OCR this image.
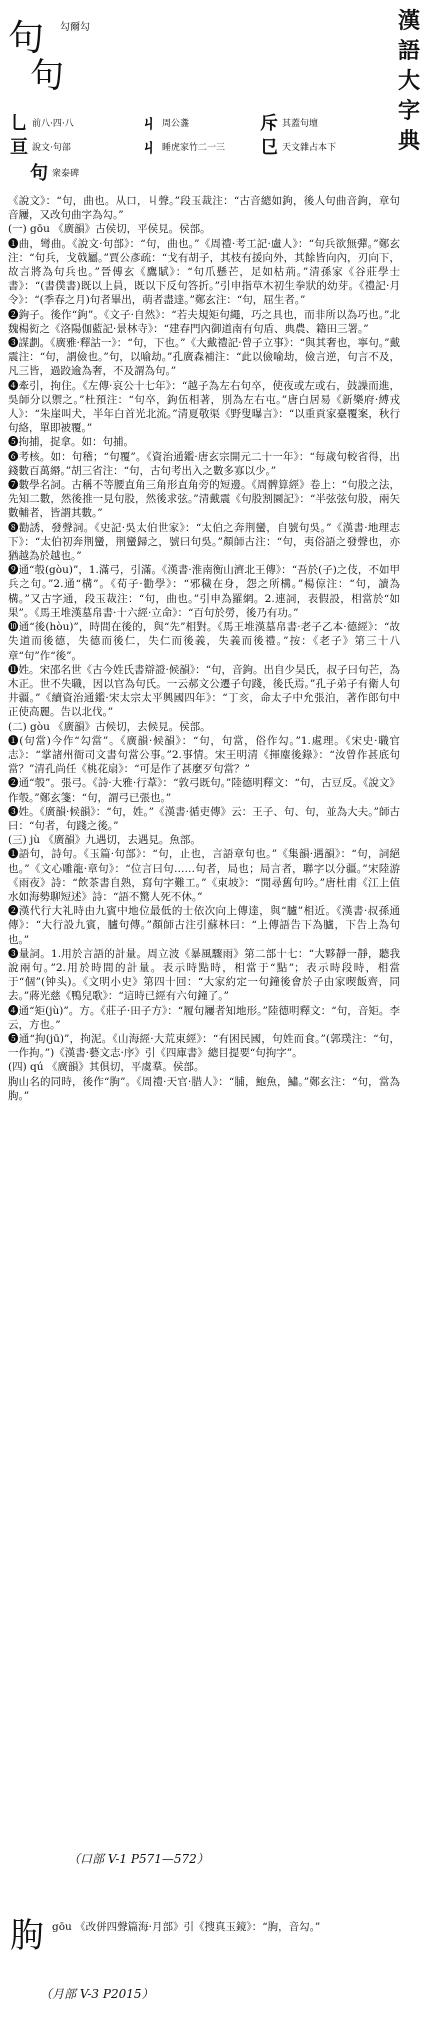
漢語大字典
句
句
勾爾勾
乚前八·四·八	ㄐ周公盞	斥其蓋句壇
亘說文·句部	ㄐ睡虎家竹二一三 㔾天文雜占本下
句衆泰碑

《說文》：“句，曲也。从口，丩聲。”段玉裁注：“古音總如鉤，後人句曲音鉤，章句音屨，又改句曲字為勾。”

(一) gōu 《廣韻》古侯切，平侯見。侯部。

❶曲，彎曲。《說文·句部》：“句，曲也。”《周禮·考工記·盧人》：“句兵欲無彈。”鄭玄注：“句兵，戈戟屬。”賈公彥疏：“戈有胡子，其枝有援向外，其餘皆向內，刃向下，故言將為句兵也。”晉傅玄《鷹賦》：“句爪懸芒，足如枯荊。”清孫家《谷莊學士書》：“(書僕書)既以上員，既以下反句答折。”引申指草木初生拳狀的幼芽。《禮記·月令》：“(季春之月)句者畢出，萌者盡達。”鄭玄注：“句，屈生者。”

❷鉤子。後作“鉤”。《文子·自然》：“若夫規矩句繩，巧之具也，而非所以為巧也。”北魏楊衒之《洛陽伽藍記·景林寺》：“建春門內御道南有句盾、典農、籍田三署。”

❸謀劃。《廣雅·釋詁一》：“句，下也。”《大戴禮記·曾子立事》：“與其奢也，寧句。”戴震注：“句，謂儉也。”句，以喻劫。”孔廣森補注：“此以儉喻劫，儉言逆，句言不及，凡三皆，過跤逾為奢，不及謂為句。”

❹牽引，拘住。《左傳·哀公十七年》：“越子為左右句卒，使夜或左或右，鼓譟而進，吳師分以禦之。”杜預注：“句卒，鉤伍相著，別為左右屯。”唐白居易《新樂府·縛戎人》：“朱崖叫犬，半年白首光北流。”清夏敬渠《野叟曝言》：“以重貢家臺覆案，秋行句絡，單即被覆。”

❺拘捕，捉拿。如：句捕。

❻考核。如：句稽；“句覆”。《資治通鑑·唐玄宗開元二十一年》：“每歲句較省得，出錢數百萬緡。”胡三省注：“句，古句考出入之數多寡以少。”

❼數學名詞。古稱不等腰直角三角形直角旁的短邊。《周髀算經》卷上：“句股之法，先知二數，然後推一見句股，然後求弦。”清戴震《句股割圜記》：“半弦弦句股，兩矢數輔者，皆謂其數。”

❽勸誘，發聲詞。《史記·吳太伯世家》：“太伯之奔荆蠻，自號句吳。”《漢書·地理志下》：“太伯初奔荆蠻，荆蠻歸之，號曰句吳。”顏師古注：“句，夷俗語之發聲也，亦猶越為於越也。”

❾通“彀(gòu)”，1.滿弓，引滿。《漢書·淮南衡山濟北王傳》：“吾於(子)之伎，不如甲兵之句。”2.通“構”。《荀子·勸學》：“邪穢在身，怨之所構。”楊倞注：“句，讀為構。”又古字通，段玉裁注：“句，曲也。”引申為羅網。2.連詞，表假設，相當於“如果”。《馬王堆漢墓帛書·十六經·立命》：“百句於勞，後乃有功。”

❿通“後(hòu)”，時間在後的，與“先”相對。《馬王堆漢墓帛書·老子乙本·德經》：“故失道而後德，失德而後仁，失仁而後義，失義而後禮。”按：《老子》第三十八章“句”作“後”。

⓫姓。宋邵名世《古今姓氏書辯證·候韻》：“句，音鉤。出自少昊氏，叔子曰句芒，為木正。世不失職，因以官為句氏。一云郝文公遷子句踐，後氏焉。”孔子弟子有衛人句井疆。”《續資治通鑑·宋太宗太平興國四年》：“丁亥，命太子中允張泊，著作郎句中正使高麗。告以北伐。”

(二) gòu 《廣韻》古候切，去候見。侯部。

❶(句當)今作“勾當”。《廣韻·候韻》：“句，句當，俗作勾。”1.處理。《宋史·職官志》：“掌諸州衙司文書句當公事。”2.事情。宋王明清《揮麈後錄》：“汝曾作甚底句當？”清孔尚任《桃花扇》：“可是作了甚麼歹句當？”

❷通“彀”。張弓。《詩·大雅·行葦》：“敦弓既句。”陸德明釋文：“句，古豆反。《說文》作彀。”鄭玄箋：“句，謂弓已張也。”

❸姓。《廣韻·候韻》：“句，姓。”《漢書·循吏傳》云：王子、句、句，並為大夫。”師古曰：“句者，句踐之後。”

(三) jù 《廣韻》九遇切，去遇見。魚部。

❶語句，詩句。《玉篇·句部》：“句，止也，言語章句也。”《集韻·遇韻》：“句，詞絕也。”《文心雕龍·章句》：“位言曰句……句者，局也；局言者，聯字以分疆。”宋陸游《雨夜》詩：“飲茶書自熟，寫句字難工。”《東坡》：“閒尋舊句吟。”唐杜甫《江上值水如海勢聊短述》詩：“語不驚人死不休。”

❷漢代行大礼時由九賓中地位最低的士依次向上傳達，與“臚”相近。《漢書·叔孫通傳》：“大行設九賓，臚句傳。”顏師古注引蘇林曰：“上傳語告下為臚，下告上為句也。”

❸量詞。1.用於言語的計量。周立波《暴風驟雨》第二部十七：“大夥靜一靜，聽我說兩句。”2.用於時間的計量。表示時點時，相當于“點”；表示時段時，相當于“個”(钟头)。《文明小史》第四十回：“大家約定一句鐘後會於子由家喫飯齊，同去。”蔣光慈《鴨兒歌》：“這時已經有六句鐘了。”

❹通“矩(jù)”。方。《莊子·田子方》：“履句屨者知地形。”陸德明釋文：“句，音矩。李云，方也。”

❺通“拘(jū)”，拘泥。《山海經·大荒東經》：“有困民國，句姓而食。”(郭璞注：“句，一作拘。”)《漢書·藝文志·序》引《四庫書》總目提要“句拘字”。

(四) qú 《廣韻》其俱切，平虞羣。侯部。

朐山名的同時，後作“朐”。《周禮·天官·腊人》：“脯，鮑魚，鱐。”鄭玄注：“句，當為朐。”

（口部 V-1 P571—572）
朐 gōu 《改併四聲篇海·月部》引《搜真玉鏡》：“朐，音勾。”
（月部 V-3 P2015）
